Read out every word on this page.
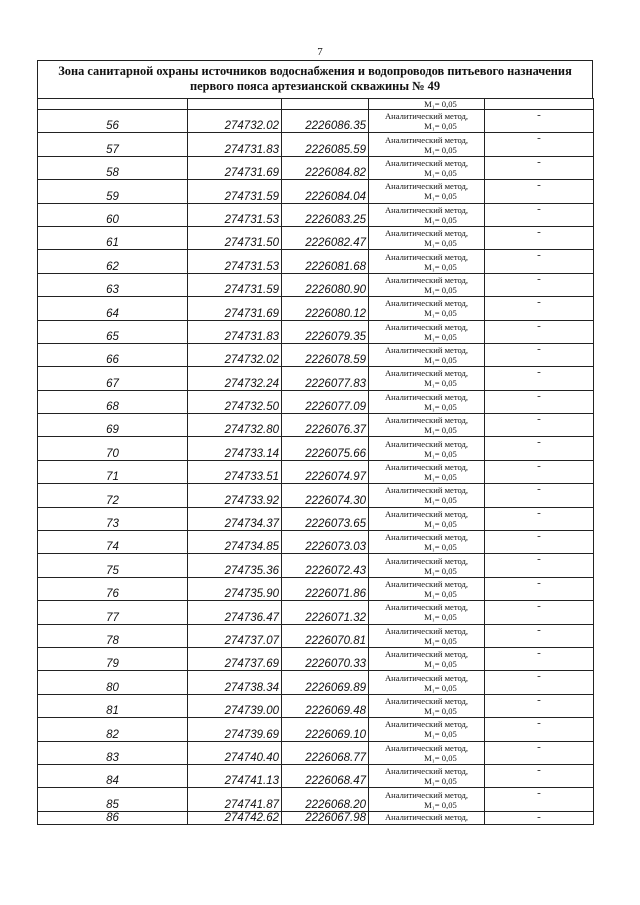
7
Зона санитарной охраны источников водоснабжения и водопроводов питьевого назначения
первого пояса артезианской скважины № 49

			M₁= 0,05	

56	274732.02	2226086.35	Аналитический метод,
M₁= 0,05	-
57	274731.83	2226085.59	Аналитический метод,
M₁= 0,05	-
58	274731.69	2226084.82	Аналитический метод,
M₁= 0,05	-
59	274731.59	2226084.04	Аналитический метод,
M₁= 0,05	-
60	274731.53	2226083.25	Аналитический метод,
M₁= 0,05	-
61	274731.50	2226082.47	Аналитический метод,
M₁= 0,05	-
62	274731.53	2226081.68	Аналитический метод,
M₁= 0,05	-
63	274731.59	2226080.90	Аналитический метод,
M₁= 0,05	-
64	274731.69	2226080.12	Аналитический метод,
M₁= 0,05	-
65	274731.83	2226079.35	Аналитический метод,
M₁= 0,05	-
66	274732.02	2226078.59	Аналитический метод,
M₁= 0,05	-
67	274732.24	2226077.83	Аналитический метод,
M₁= 0,05	-
68	274732.50	2226077.09	Аналитический метод,
M₁= 0,05	-
69	274732.80	2226076.37	Аналитический метод,
M₁= 0,05	-
70	274733.14	2226075.66	Аналитический метод,
M₁= 0,05	-
71	274733.51	2226074.97	Аналитический метод,
M₁= 0,05	-
72	274733.92	2226074.30	Аналитический метод,
M₁= 0,05	-
73	274734.37	2226073.65	Аналитический метод,
M₁= 0,05	-
74	274734.85	2226073.03	Аналитический метод,
M₁= 0,05	-
75	274735.36	2226072.43	Аналитический метод,
M₁= 0,05	-
76	274735.90	2226071.86	Аналитический метод,
M₁= 0,05	-
77	274736.47	2226071.32	Аналитический метод,
M₁= 0,05	-
78	274737.07	2226070.81	Аналитический метод,
M₁= 0,05	-
79	274737.69	2226070.33	Аналитический метод,
M₁= 0,05	-
80	274738.34	2226069.89	Аналитический метод,
M₁= 0,05	-
81	274739.00	2226069.48	Аналитический метод,
M₁= 0,05	-
82	274739.69	2226069.10	Аналитический метод,
M₁= 0,05	-
83	274740.40	2226068.77	Аналитический метод,
M₁= 0,05	-
84	274741.13	2226068.47	Аналитический метод,
M₁= 0,05	-
85	274741.87	2226068.20	Аналитический метод,
M₁= 0,05	-
86	274742.62	2226067.98	Аналитический метод,	-
